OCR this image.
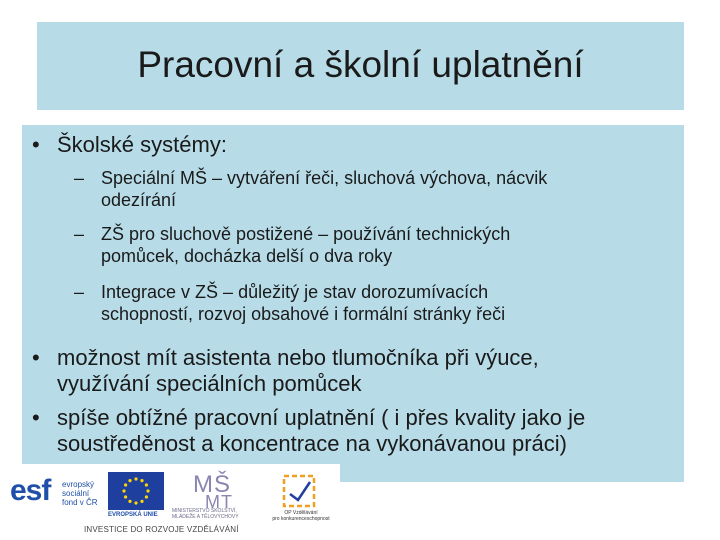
Pracovní a školní uplatnění
• Školské systémy:
– Speciální MŠ – vytváření řeči, sluchová výchova, nácvik
odezírání
– ZŠ pro sluchově postižené – používání technických
pomůcek, docházka delší o dva roky
– Integrace v ZŠ – důležitý je stav dorozumívacích
schopností, rozvoj obsahové i formální stránky řeči
• možnost mít asistenta nebo tlumočníka při výuce,
využívání speciálních pomůcek
• spíše obtížné pracovní uplatnění ( i přes kvality jako je
soustředěnost a koncentrace na vykonávanou práci)
esf evropský
sociální
fond v ČR
EVROPSKÁ UNIE
MŠ
MT
MINISTERSTVO ŠKOLSTVÍ,
MLÁDEŽE A TĚLOVÝCHOVY
OP Vzdělávání
pro konkurenceschopnost
INVESTICE DO ROZVOJE VZDĚLÁVÁNÍ
